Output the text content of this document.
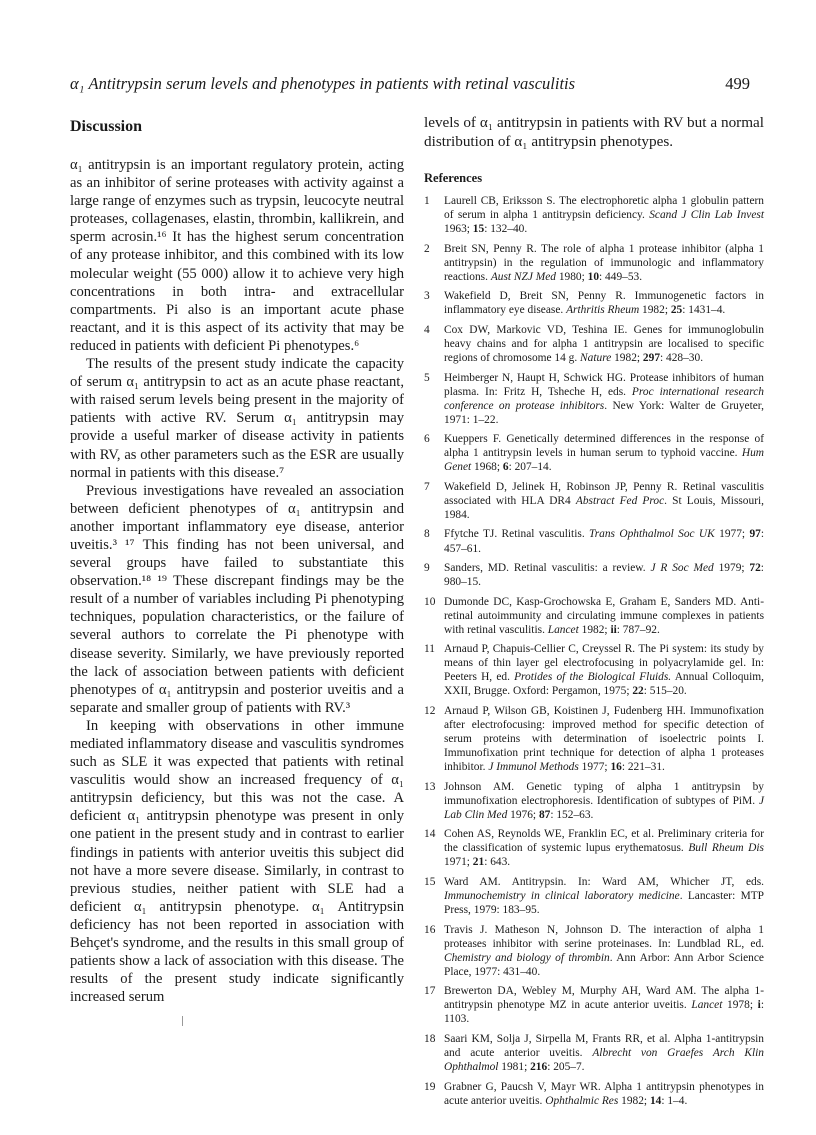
α₁ Antitrypsin serum levels and phenotypes in patients with retinal vasculitis	499
Discussion

α₁ antitrypsin is an important regulatory protein, acting as an inhibitor of serine proteases with activity against a large range of enzymes such as trypsin, leucocyte neutral proteases, collagenases, elastin, thrombin, kallikrein, and sperm acrosin.¹⁶ It has the highest serum concentration of any protease inhibitor, and this combined with its low molecular weight (55 000) allow it to achieve very high concentrations in both intra- and extracellular compartments. Pi also is an important acute phase reactant, and it is this aspect of its activity that may be reduced in patients with deficient Pi phenotypes.⁶

The results of the present study indicate the capacity of serum α₁ antitrypsin to act as an acute phase reactant, with raised serum levels being present in the majority of patients with active RV. Serum α₁ antitrypsin may provide a useful marker of disease activity in patients with RV, as other parameters such as the ESR are usually normal in patients with this disease.⁷

Previous investigations have revealed an association between deficient phenotypes of α₁ antitrypsin and another important inflammatory eye disease, anterior uveitis.³ ¹⁷ This finding has not been universal, and several groups have failed to substantiate this observation.¹⁸ ¹⁹ These discrepant findings may be the result of a number of variables including Pi phenotyping techniques, population characteristics, or the failure of several authors to correlate the Pi phenotype with disease severity. Similarly, we have previously reported the lack of association between patients with deficient phenotypes of α₁ antitrypsin and posterior uveitis and a separate and smaller group of patients with RV.³

In keeping with observations in other immune mediated inflammatory disease and vasculitis syndromes such as SLE it was expected that patients with retinal vasculitis would show an increased frequency of α₁ antitrypsin deficiency, but this was not the case. A deficient α₁ antitrypsin phenotype was present in only one patient in the present study and in contrast to earlier findings in patients with anterior uveitis this subject did not have a more severe disease. Similarly, in contrast to previous studies, neither patient with SLE had a deficient α₁ antitrypsin phenotype. α₁ Antitrypsin deficiency has not been reported in association with Behçet's syndrome, and the results in this small group of patients show a lack of association with this disease. The results of the present study indicate significantly increased serum

levels of α₁ antitrypsin in patients with RV but a normal distribution of α₁ antitrypsin phenotypes.

References
1	Laurell CB, Eriksson S. The electrophoretic alpha 1 globulin pattern of serum in alpha 1 antitrypsin deficiency. Scand J Clin Lab Invest 1963; 15: 132–40.
2	Breit SN, Penny R. The role of alpha 1 protease inhibitor (alpha 1 antitrypsin) in the regulation of immunologic and inflammatory reactions. Aust NZJ Med 1980; 10: 449–53.
3	Wakefield D, Breit SN, Penny R. Immunogenetic factors in inflammatory eye disease. Arthritis Rheum 1982; 25: 1431–4.
4	Cox DW, Markovic VD, Teshina IE. Genes for immunoglobulin heavy chains and for alpha 1 antitrypsin are localised to specific regions of chromosome 14 g. Nature 1982; 297: 428–30.
5	Heimberger N, Haupt H, Schwick HG. Protease inhibitors of human plasma. In: Fritz H, Tsheche H, eds. Proc international research conference on protease inhibitors. New York: Walter de Gruyeter, 1971: 1–22.
6	Kueppers F. Genetically determined differences in the response of alpha 1 antitrypsin levels in human serum to typhoid vaccine. Hum Genet 1968; 6: 207–14.
7	Wakefield D, Jelinek H, Robinson JP, Penny R. Retinal vasculitis associated with HLA DR4 Abstract Fed Proc. St Louis, Missouri, 1984.
8	Ffytche TJ. Retinal vasculitis. Trans Ophthalmol Soc UK 1977; 97: 457–61.
9	Sanders, MD. Retinal vasculitis: a review. J R Soc Med 1979; 72: 980–15.
10 Dumonde DC, Kasp-Grochowska E, Graham E, Sanders MD. Anti-retinal autoimmunity and circulating immune complexes in patients with retinal vasculitis. Lancet 1982; ii: 787–92.
11 Arnaud P, Chapuis-Cellier C, Creyssel R. The Pi system: its study by means of thin layer gel electrofocusing in polyacrylamide gel. In: Peeters H, ed. Protides of the Biological Fluids. Annual Colloquim, XXII, Brugge. Oxford: Pergamon, 1975; 22: 515–20.
12 Arnaud P, Wilson GB, Koistinen J, Fudenberg HH. Immunofixation after electrofocusing: improved method for specific detection of serum proteins with determination of isoelectric points I. Immunofixation print technique for detection of alpha 1 proteases inhibitor. J Immunol Methods 1977; 16: 221–31.
13 Johnson AM. Genetic typing of alpha 1 antitrypsin by immunofixation electrophoresis. Identification of subtypes of PiM. J Lab Clin Med 1976; 87: 152–63.
14 Cohen AS, Reynolds WE, Franklin EC, et al. Preliminary criteria for the classification of systemic lupus erythematosus. Bull Rheum Dis 1971; 21: 643.
15 Ward AM. Antitrypsin. In: Ward AM, Whicher JT, eds. Immunochemistry in clinical laboratory medicine. Lancaster: MTP Press, 1979: 183–95.
16 Travis J. Matheson N, Johnson D. The interaction of alpha 1 proteases inhibitor with serine proteinases. In: Lundblad RL, ed. Chemistry and biology of thrombin. Ann Arbor: Ann Arbor Science Place, 1977: 431–40.
17 Brewerton DA, Webley M, Murphy AH, Ward AM. The alpha 1-antitrypsin phenotype MZ in acute anterior uveitis. Lancet 1978; i: 1103.
18 Saari KM, Solja J, Sirpella M, Frants RR, et al. Alpha 1-antitrypsin and acute anterior uveitis. Albrecht von Graefes Arch Klin Ophthalmol 1981; 216: 205–7.
19 Grabner G, Paucsh V, Mayr WR. Alpha 1 antitrypsin phenotypes in acute anterior uveitis. Ophthalmic Res 1982; 14: 1–4.
